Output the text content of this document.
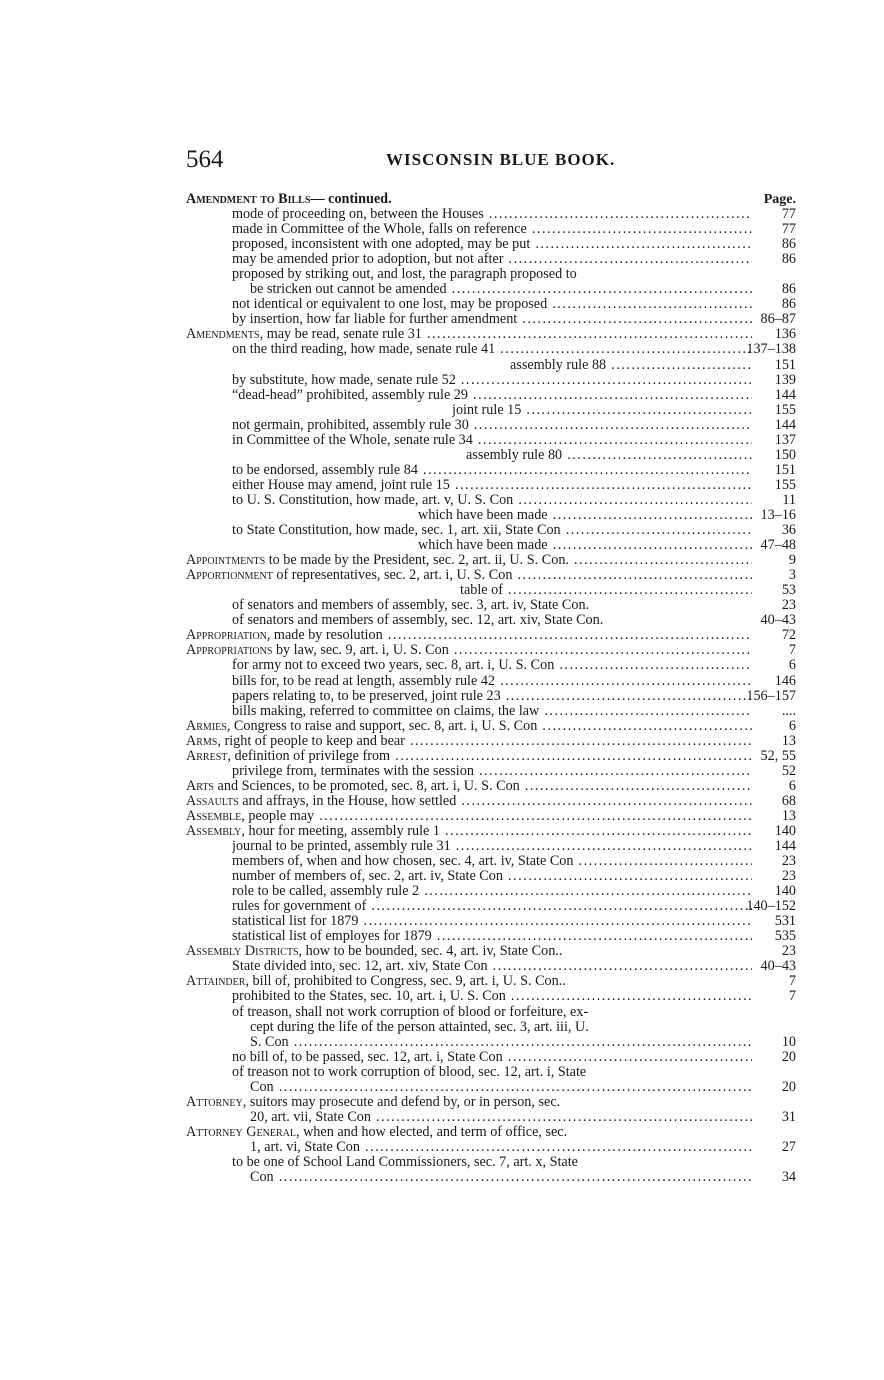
564	WISCONSIN BLUE BOOK.
Amendment to Bills— continued.	Page.
mode of proceeding on, between the Houses .....	77
made in Committee of the Whole, falls on reference .....	77
proposed, inconsistent with one adopted, may be put .....	86
may be amended prior to adoption, but not after .....	86
proposed by striking out, and lost, the paragraph proposed to
be stricken out cannot be amended .....	86
not identical or equivalent to one lost, may be proposed .....	86
by insertion, how far liable for further amendment .....	86–87
Amendments, may be read, senate rule 31 .....	136
on the third reading, how made, senate rule 41 .....	137–138
assembly rule 88 .....	151
by substitute, how made, senate rule 52 .....	139
“dead-head” prohibited, assembly rule 29 .....	144
joint rule 15 .....	155
not germain, prohibited, assembly rule 30 .....	144
in Committee of the Whole, senate rule 34 .....	137
assembly rule 80 .....	150
to be endorsed, assembly rule 84 .....	151
either House may amend, joint rule 15 .....	155
to U. S. Constitution, how made, art. v, U. S. Con .....	11
which have been made .....	13–16
to State Constitution, how made, sec. 1, art. xii, State Con .....	36
which have been made .....	47–48
Appointments to be made by the President, sec. 2, art. ii, U. S. Con. .....	9
Apportionment of representatives, sec. 2, art. i, U. S. Con .....	3
table of .....	53
of senators and members of assembly, sec. 3, art. iv, State Con.	23
of senators and members of assembly, sec. 12, art. xiv, State Con.	40–43
Appropriation, made by resolution .....	72
Appropriations by law, sec. 9, art. i, U. S. Con .....	7
for army not to exceed two years, sec. 8, art. i, U. S. Con .....	6
bills for, to be read at length, assembly rule 42 .....	146
papers relating to, to be preserved, joint rule 23 .....	156–157
bills making, referred to committee on claims, the law .....	....
Armies, Congress to raise and support, sec. 8, art. i, U. S. Con .....	6
Arms, right of people to keep and bear .....	13
Arrest, definition of privilege from .....	52, 55
privilege from, terminates with the session .....	52
Arts and Sciences, to be promoted, sec. 8, art. i, U. S. Con .....	6
Assaults and affrays, in the House, how settled .....	68
Assemble, people may .....	13
Assembly, hour for meeting, assembly rule 1 .....	140
journal to be printed, assembly rule 31 .....	144
members of, when and how chosen, sec. 4, art. iv, State Con .....	23
number of members of, sec. 2, art. iv, State Con .....	23
role to be called, assembly rule 2 .....	140
rules for government of .....	140–152
statistical list for 1879 .....	531
statistical list of employes for 1879 .....	535
Assembly Districts, how to be bounded, sec. 4, art. iv, State Con..	23
State divided into, sec. 12, art. xiv, State Con .....	40–43
Attainder, bill of, prohibited to Congress, sec. 9, art. i, U. S. Con..	7
prohibited to the States, sec. 10, art. i, U. S. Con .....	7
of treason, shall not work corruption of blood or forfeiture, ex-
cept during the life of the person attainted, sec. 3, art. iii, U.
S. Con .....	10
no bill of, to be passed, sec. 12, art. i, State Con .....	20
of treason not to work corruption of blood, sec. 12, art. i, State
Con .....	20
Attorney, suitors may prosecute and defend by, or in person, sec.
20, art. vii, State Con .....	31
Attorney General, when and how elected, and term of office, sec.
1, art. vi, State Con .....	27
to be one of School Land Commissioners, sec. 7, art. x, State
Con .....	34
